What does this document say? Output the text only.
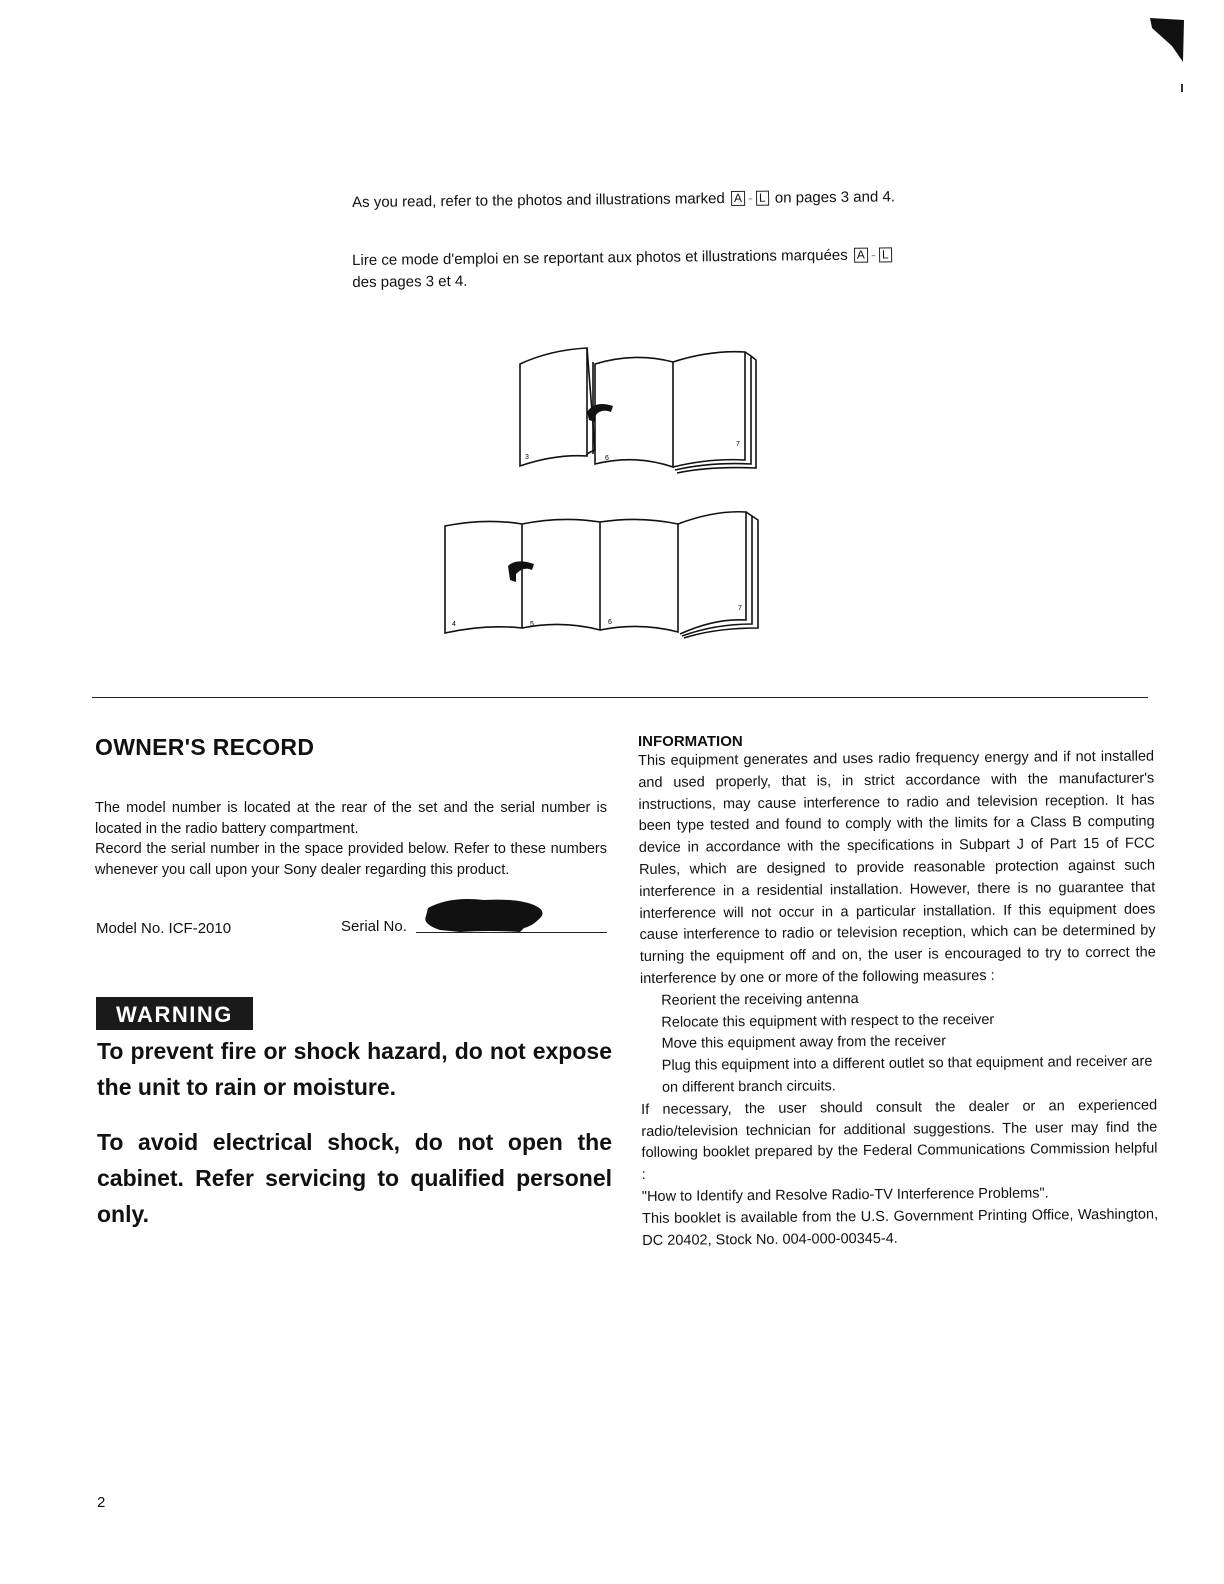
As you read, refer to the photos and illustrations marked A - L on pages 3 and 4.
Lire ce mode d'emploi en se reportant aux photos et illustrations marquées A - L des pages 3 et 4.
3	6
7
4	5	6
7
OWNER'S RECORD

The model number is located at the rear of the set and the serial number is located in the radio battery compartment.

Record the serial number in the space provided below. Refer to these numbers whenever you call upon your Sony dealer regarding this product.

Model No. ICF-2010	Serial No.
WARNING
To prevent fire or shock hazard, do not expose the unit to rain or moisture.
To avoid electrical shock, do not open the cabinet. Refer servicing to qualified personel only.
INFORMATION

This equipment generates and uses radio frequency energy and if not installed and used properly, that is, in strict accordance with the manufacturer's instructions, may cause interference to radio and television reception. It has been type tested and found to comply with the limits for a Class B computing device in accordance with the specifications in Subpart J of Part 15 of FCC Rules, which are designed to provide reasonable protection against such interference in a residential installation. However, there is no guarantee that interference will not occur in a particular installation. If this equipment does cause interference to radio or television reception, which can be determined by turning the equipment off and on, the user is encouraged to try to correct the interference by one or more of the following measures :

Reorient the receiving antenna

Relocate this equipment with respect to the receiver

Move this equipment away from the receiver

Plug this equipment into a different outlet so that equipment and receiver are on different branch circuits.

If necessary, the user should consult the dealer or an experienced radio/television technician for additional suggestions. The user may find the following booklet prepared by the Federal Communications Commission helpful :

"How to Identify and Resolve Radio-TV Interference Problems".

This booklet is available from the U.S. Government Printing Office, Washington, DC 20402, Stock No. 004-000-00345-4.

2
